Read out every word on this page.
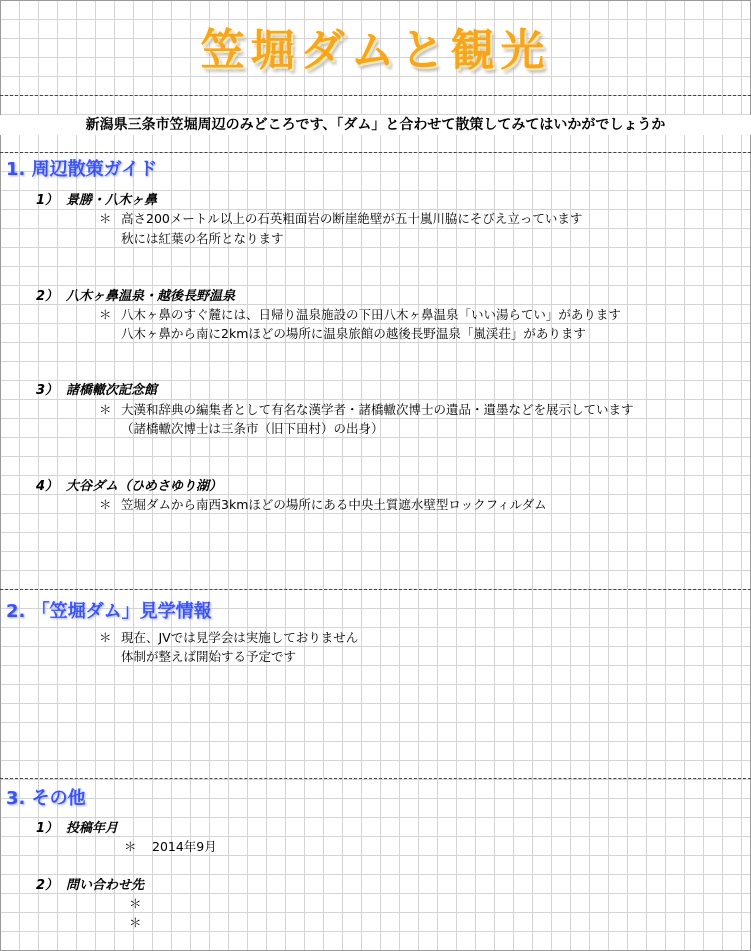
笠堀ダムと観光
新潟県三条市笠堀周辺のみどころです、「ダム」と合わせて散策してみてはいかがでしょうか
1. 周辺散策ガイド
1） 景勝・八木ヶ鼻
＊ 高さ200メートル以上の石英粗面岩の断崖絶壁が五十嵐川脇にそびえ立っています
秋には紅葉の名所となります
2） 八木ヶ鼻温泉・越後長野温泉
＊ 八木ヶ鼻のすぐ麓には、日帰り温泉施設の下田八木ヶ鼻温泉「いい湯らてい」があります
八木ヶ鼻から南に2kmほどの場所に温泉旅館の越後長野温泉「嵐渓荘」があります
3） 諸橋轍次記念館
＊ 大漢和辞典の編集者として有名な漢学者・諸橋轍次博士の遺品・遺墨などを展示しています
（諸橋轍次博士は三条市（旧下田村）の出身）
4） 大谷ダム（ひめさゆり湖）
＊ 笠堀ダムから南西3kmほどの場所にある中央土質遮水壁型ロックフィルダム
2. 「笠堀ダム」見学情報
＊ 現在、JVでは見学会は実施しておりません
体制が整えば開始する予定です
3. その他
1） 投稿年月
＊ 2014年9月
2） 問い合わせ先
＊
＊
